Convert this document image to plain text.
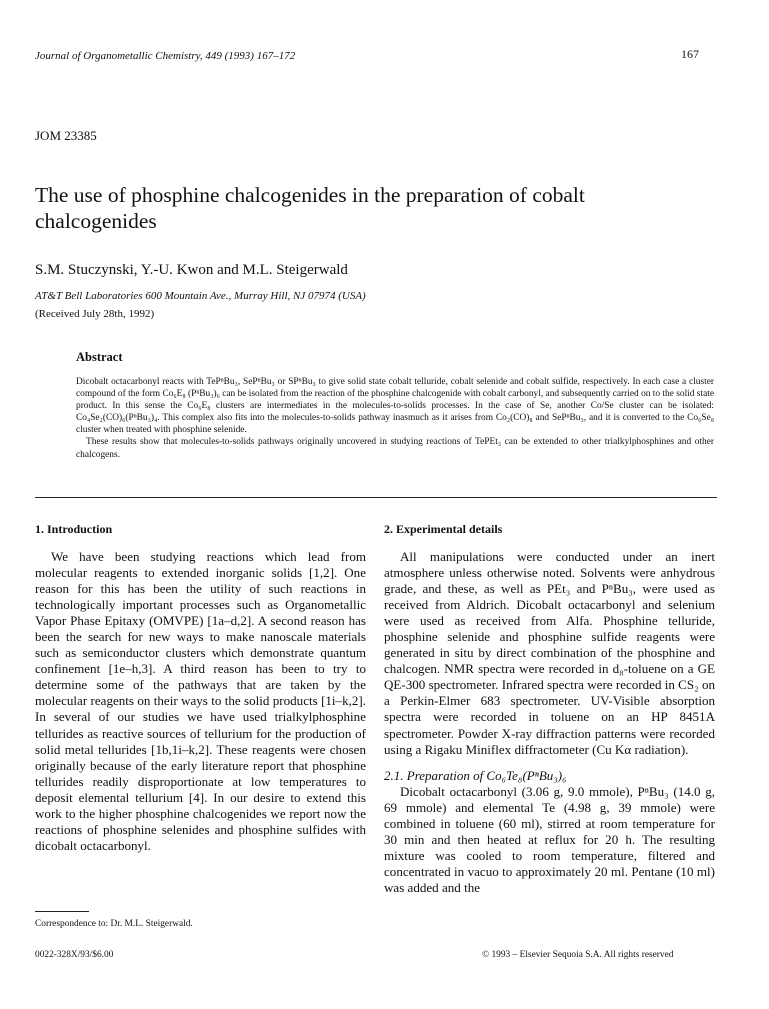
Journal of Organometallic Chemistry, 449 (1993) 167–172	167
JOM 23385
The use of phosphine chalcogenides in the preparation of cobalt chalcogenides
S.M. Stuczynski, Y.-U. Kwon and M.L. Steigerwald
AT&T Bell Laboratories 600 Mountain Ave., Murray Hill, NJ 07974 (USA)
(Received July 28th, 1992)
Abstract

Dicobalt octacarbonyl reacts with TePⁿBu₃, SePⁿBu₃ or SPⁿBu₃ to give solid state cobalt telluride, cobalt selenide and cobalt sulfide, respectively. In each case a cluster compound of the form Co₆E₈ (PⁿBu₃)₆ can be isolated from the reaction of the phosphine chalcogenide with cobalt carbonyl, and subsequently carried on to the solid state product. In this sense the Co₆E₈ clusters are intermediates in the molecules-to-solids processes. In the case of Se, another Co/Se cluster can be isolated: Co₄Se₂(CO)₆(PⁿBu₃)₄. This complex also fits into the molecules-to-solids pathway inasmuch as it arises from Co₂(CO)₈ and SePⁿBu₃, and it is converted to the Co₆Se₈ cluster when treated with phosphine selenide.

These results show that molecules-to-solids pathways originally uncovered in studying reactions of TePEt₃ can be extended to other trialkylphosphines and other chalcogens.

1. Introduction

We have been studying reactions which lead from molecular reagents to extended inorganic solids [1,2]. One reason for this has been the utility of such reactions in technologically important processes such as Organometallic Vapor Phase Epitaxy (OMVPE) [1a–d,2]. A second reason has been the search for new ways to make nanoscale materials such as semiconductor clusters which demonstrate quantum confinement [1e–h,3]. A third reason has been to try to determine some of the pathways that are taken by the molecular reagents on their ways to the solid products [1i–k,2]. In several of our studies we have used trialkylphosphine tellurides as reactive sources of tellurium for the production of solid metal tellurides [1b,1i–k,2]. These reagents were chosen originally because of the early literature report that phosphine tellurides readily disproportionate at low temperatures to deposit elemental tellurium [4]. In our desire to extend this work to the higher phosphine chalcogenides we report now the reactions of phosphine selenides and phosphine sulfides with dicobalt octacarbonyl.

2. Experimental details

All manipulations were conducted under an inert atmosphere unless otherwise noted. Solvents were anhydrous grade, and these, as well as PEt₃ and PⁿBu₃, were used as received from Aldrich. Dicobalt octacarbonyl and selenium were used as received from Alfa. Phosphine telluride, phosphine selenide and phosphine sulfide reagents were generated in situ by direct combination of the phosphine and chalcogen. NMR spectra were recorded in d₈-toluene on a GE QE-300 spectrometer. Infrared spectra were recorded in CS₂ on a Perkin-Elmer 683 spectrometer. UV-Visible absorption spectra were recorded in toluene on an HP 8451A spectrometer. Powder X-ray diffraction patterns were recorded using a Rigaku Miniflex diffractometer (Cu Kα radiation).

2.1. Preparation of Co₆Te₈(PⁿBu₃)₆

Dicobalt octacarbonyl (3.06 g, 9.0 mmole), PⁿBu₃ (14.0 g, 69 mmole) and elemental Te (4.98 g, 39 mmole) were combined in toluene (60 ml), stirred at room temperature for 30 min and then heated at reflux for 20 h. The resulting mixture was cooled to room temperature, filtered and concentrated in vacuo to approximately 20 ml. Pentane (10 ml) was added and the

Correspondence to: Dr. M.L. Steigerwald.
0022-328X/93/$6.00	© 1993 – Elsevier Sequoia S.A. All rights reserved
